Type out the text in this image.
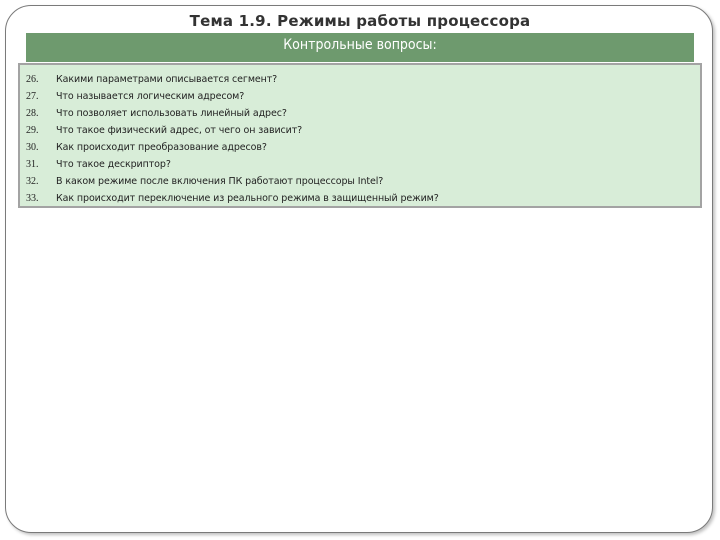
Тема 1.9. Режимы работы процессора
Контрольные вопросы:
26.	Какими параметрами описывается сегмент?
27.	Что называется логическим адресом?
28.	Что позволяет использовать линейный адрес?
29.	Что такое физический адрес, от чего он зависит?
30.	Как происходит преобразование адресов?
31.	Что такое дескриптор?
32.	В каком режиме после включения ПК работают процессоры Intel?
33.	Как происходит переключение из реального режима в защищенный режим?
